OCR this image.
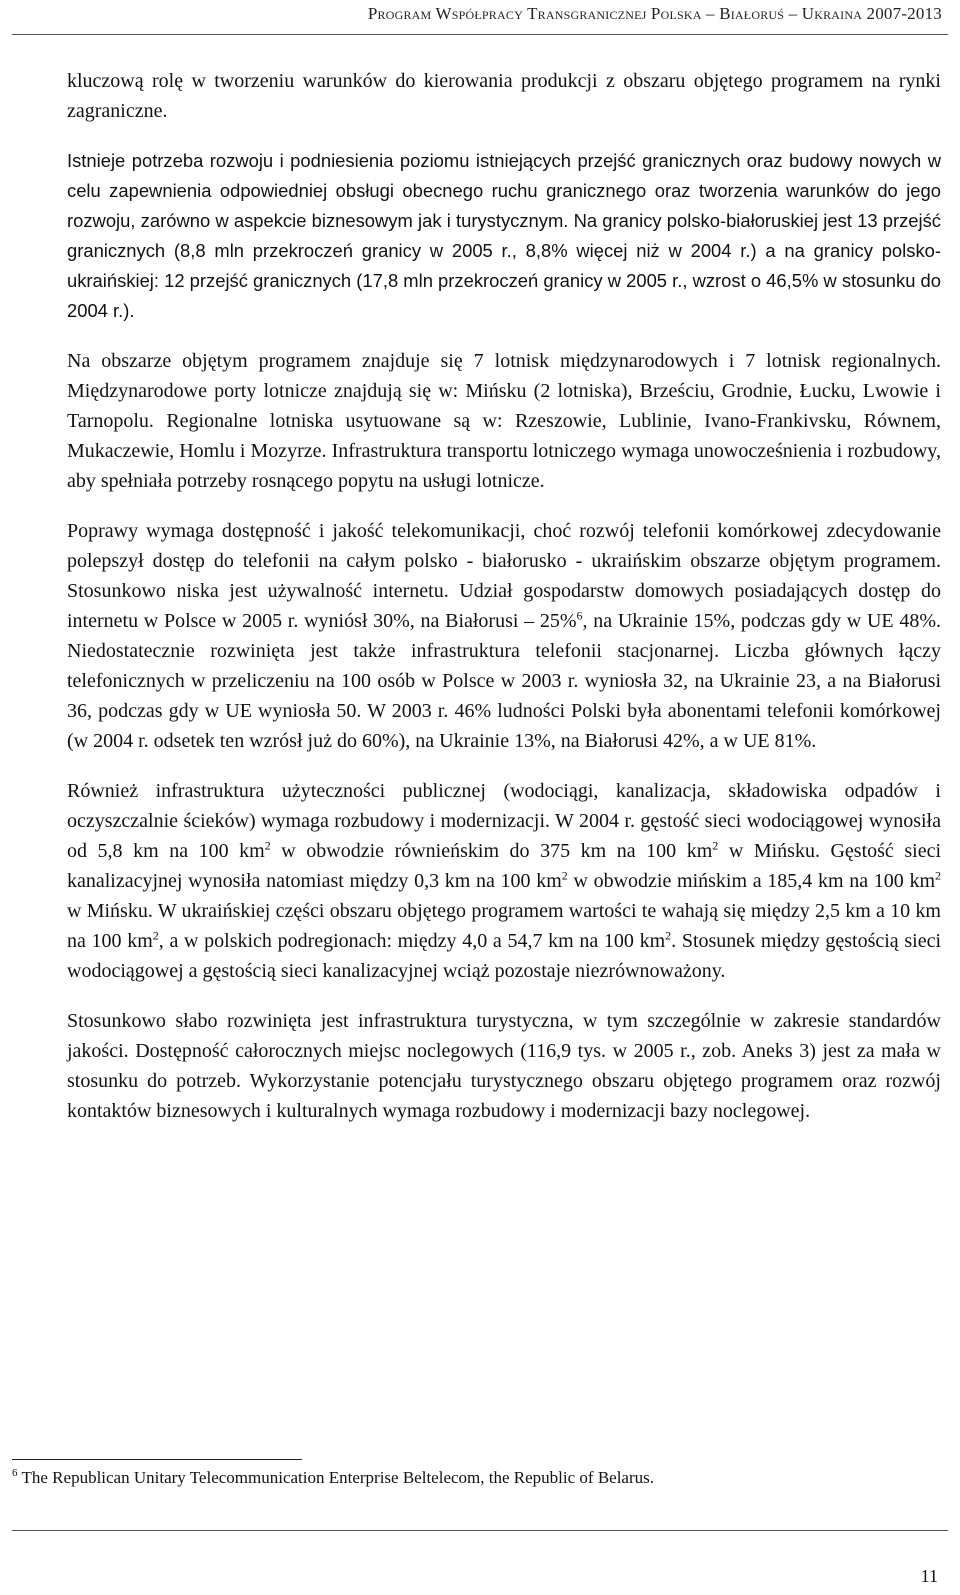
Program Współpracy Transgranicznej Polska – Białoruś – Ukraina 2007-2013

kluczową rolę w tworzeniu warunków do kierowania produkcji z obszaru objętego programem na rynki zagraniczne.

Istnieje potrzeba rozwoju i podniesienia poziomu istniejących przejść granicznych oraz budowy nowych w celu zapewnienia odpowiedniej obsługi obecnego ruchu granicznego oraz tworzenia warunków do jego rozwoju, zarówno w aspekcie biznesowym jak i turystycznym. Na granicy polsko-białoruskiej jest 13 przejść granicznych (8,8 mln przekroczeń granicy w 2005 r., 8,8% więcej niż w 2004 r.) a na granicy polsko-ukraińskiej: 12 przejść granicznych (17,8 mln przekroczeń granicy w 2005 r., wzrost o 46,5% w stosunku do 2004 r.).

Na obszarze objętym programem znajduje się 7 lotnisk międzynarodowych i 7 lotnisk regionalnych. Międzynarodowe porty lotnicze znajdują się w: Mińsku (2 lotniska), Brześciu, Grodnie, Łucku, Lwowie i Tarnopolu. Regionalne lotniska usytuowane są w: Rzeszowie, Lublinie, Ivano-Frankivsku, Równem, Mukaczewie, Homlu i Mozyrze. Infrastruktura transportu lotniczego wymaga unowocześnienia i rozbudowy, aby spełniała potrzeby rosnącego popytu na usługi lotnicze.

Poprawy wymaga dostępność i jakość telekomunikacji, choć rozwój telefonii komórkowej zdecydowanie polepszył dostęp do telefonii na całym polsko - białorusko - ukraińskim obszarze objętym programem. Stosunkowo niska jest używalność internetu. Udział gospodarstw domowych posiadających dostęp do internetu w Polsce w 2005 r. wyniósł 30%, na Białorusi – 25%$^6$, na Ukrainie 15%, podczas gdy w UE 48%. Niedostatecznie rozwinięta jest także infrastruktura telefonii stacjonarnej. Liczba głównych łączy telefonicznych w przeliczeniu na 100 osób w Polsce w 2003 r. wyniosła 32, na Ukrainie 23, a na Białorusi 36, podczas gdy w UE wyniosła 50. W 2003 r. 46% ludności Polski była abonentami telefonii komórkowej (w 2004 r. odsetek ten wzrósł już do 60%), na Ukrainie 13%, na Białorusi 42%, a w UE 81%.

Również infrastruktura użyteczności publicznej (wodociągi, kanalizacja, składowiska odpadów i oczyszczalnie ścieków) wymaga rozbudowy i modernizacji. W 2004 r. gęstość sieci wodociągowej wynosiła od 5,8 km na 100 $km^2$ w obwodzie równieńskim do 375 km na 100 $km^2$ w Mińsku. Gęstość sieci kanalizacyjnej wynosiła natomiast między 0,3 km na 100 $km^2$ w obwodzie mińskim a 185,4 km na 100 $km^2$ w Mińsku. W ukraińskiej części obszaru objętego programem wartości te wahają się między 2,5 km a 10 km na 100 $km^2$, a w polskich podregionach: między 4,0 a 54,7 km na 100 $km^2$. Stosunek między gęstością sieci wodociągowej a gęstością sieci kanalizacyjnej wciąż pozostaje niezrównoważony.

Stosunkowo słabo rozwinięta jest infrastruktura turystyczna, w tym szczególnie w zakresie standardów jakości. Dostępność całorocznych miejsc noclegowych (116,9 tys. w 2005 r., zob. Aneks 3) jest za mała w stosunku do potrzeb. Wykorzystanie potencjału turystycznego obszaru objętego programem oraz rozwój kontaktów biznesowych i kulturalnych wymaga rozbudowy i modernizacji bazy noclegowej.

$^6$ The Republican Unitary Telecommunication Enterprise Beltelecom, the Republic of Belarus.
11
